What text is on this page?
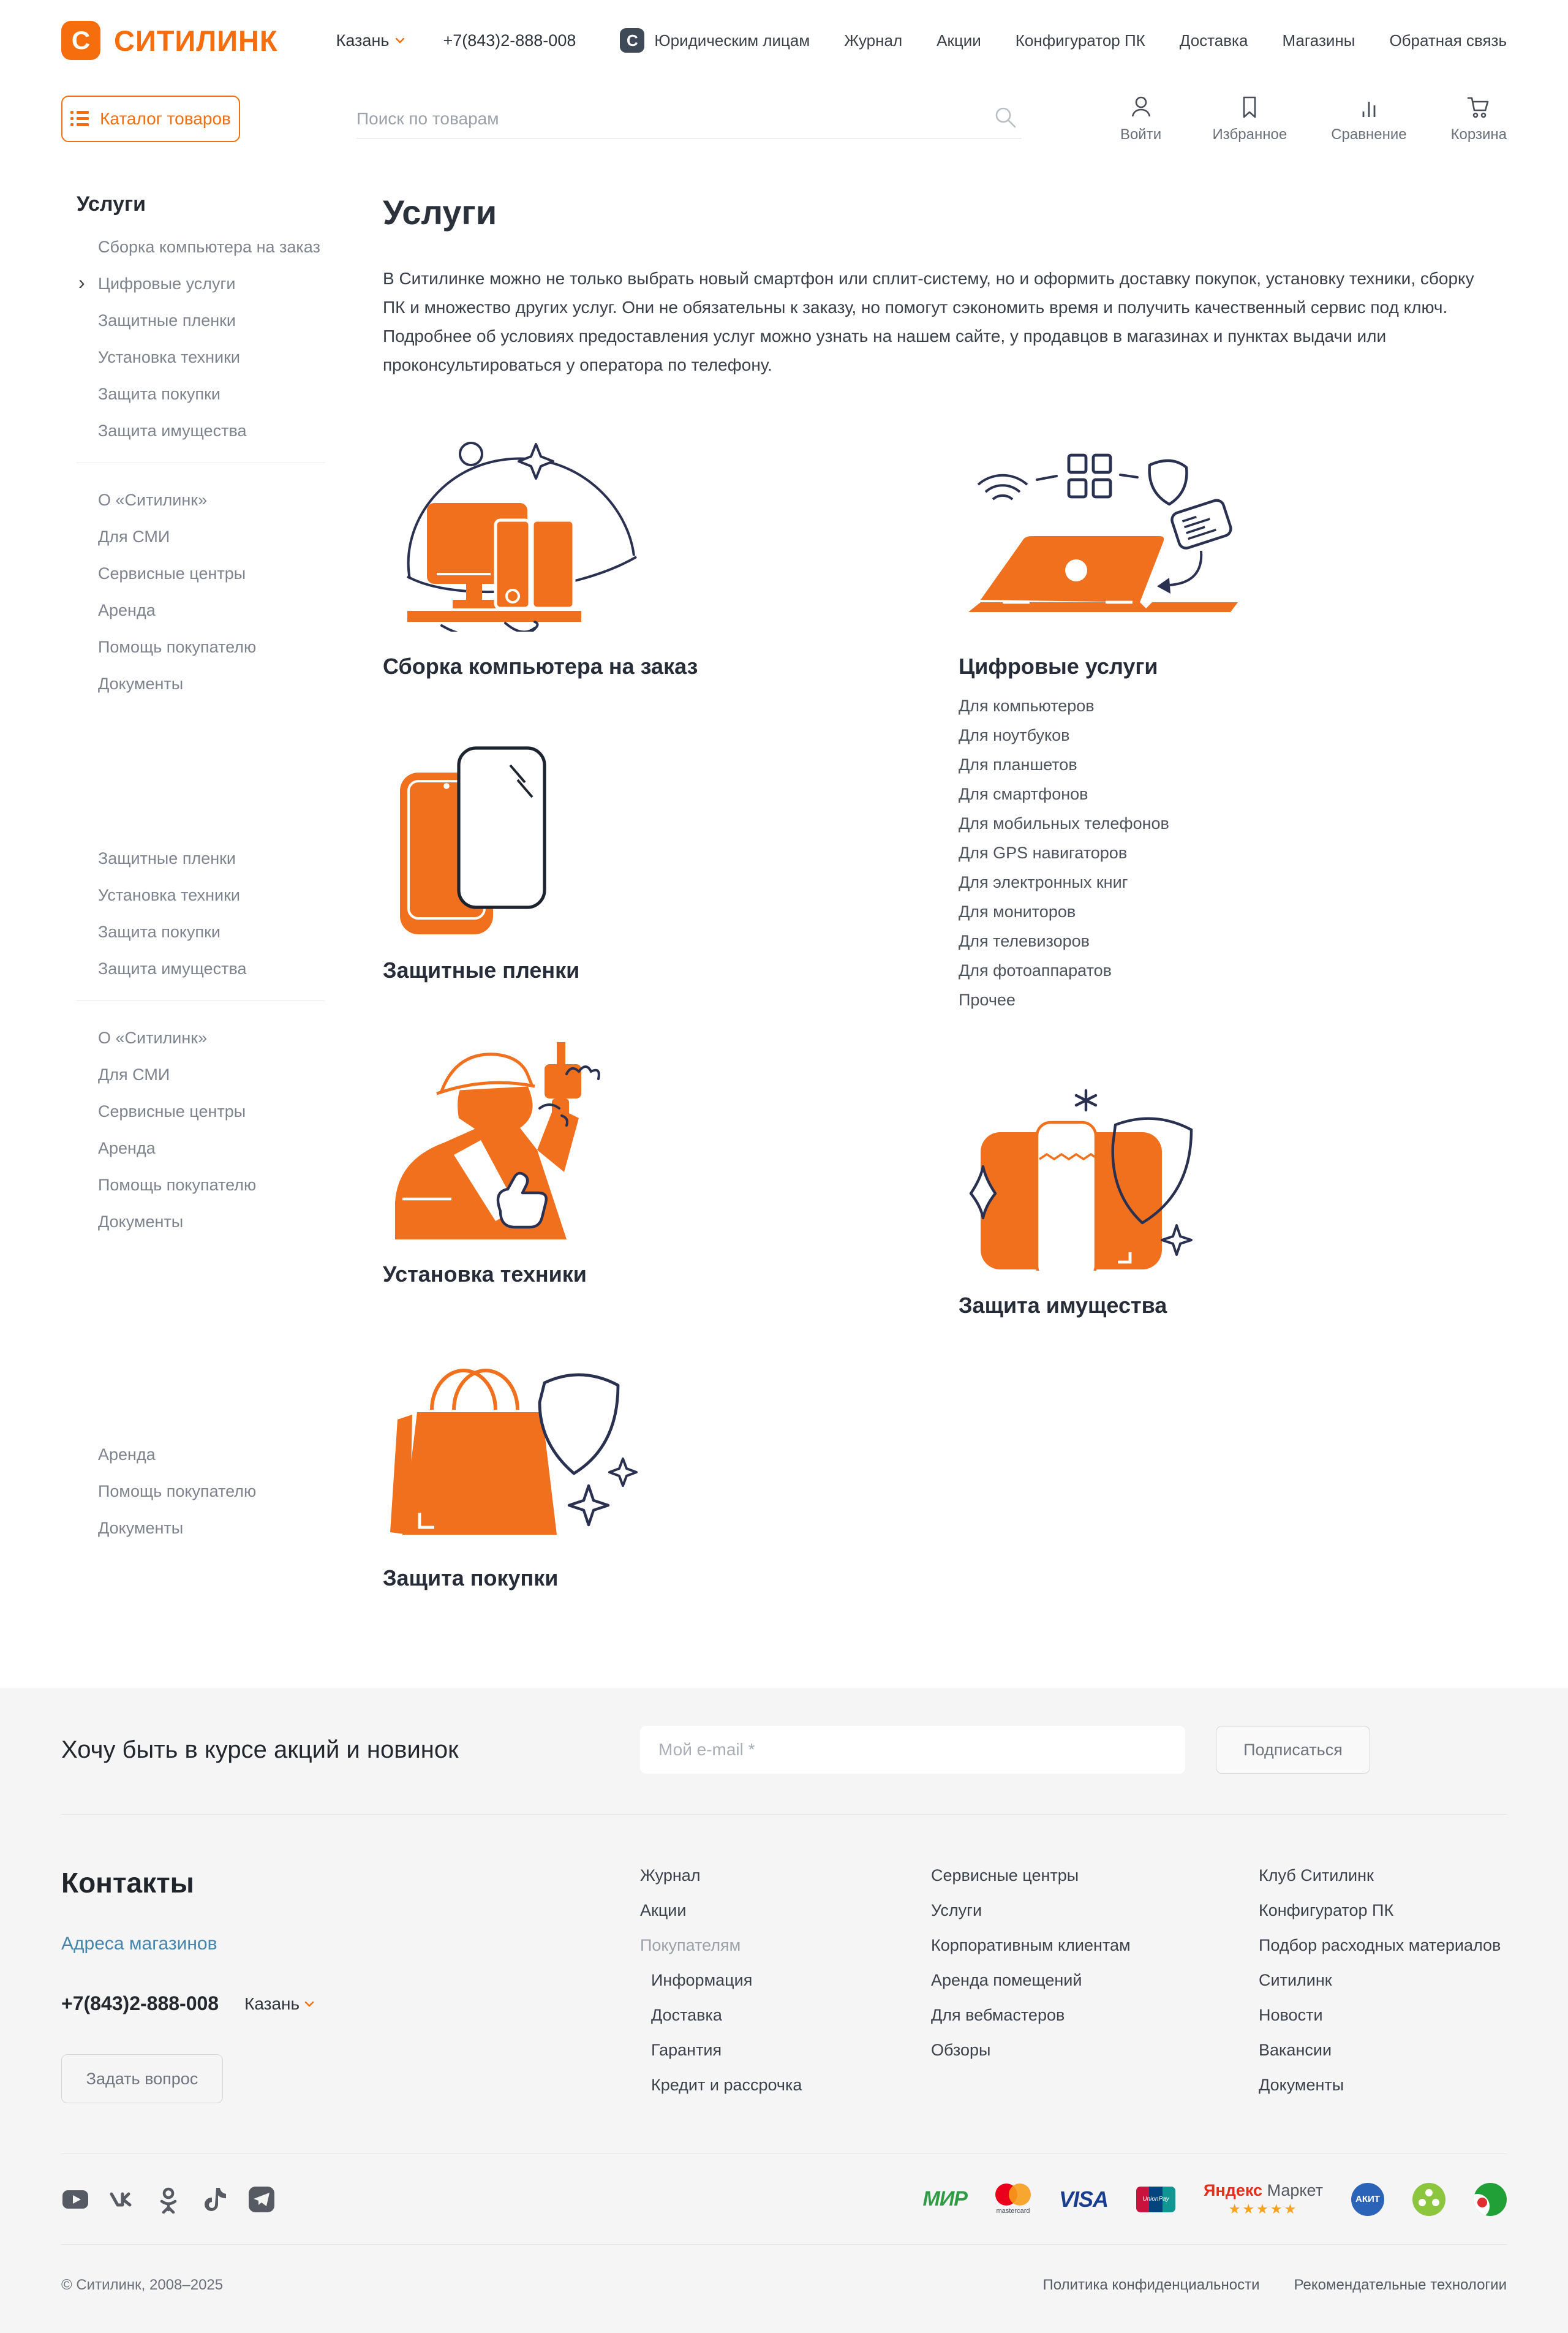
C СИТИЛИНК	Казань	+7(843)2-888-008	C Юридическим лицам Журнал Акции Конфигуратор ПК Доставка Магазины Обратная связь
Каталог товаров
Поиск по товарам
Войти	Избранное	Сравнение	Корзина
Услуги
Сборка компьютера на заказ
› Цифровые услуги
Защитные пленки
Установка техники
Защита покупки
Защита имущества
О «Ситилинк»
Для СМИ
Сервисные центры
Аренда
Помощь покупателю
Документы
Защитные пленки
Установка техники
Защита покупки
Защита имущества
О «Ситилинк»
Для СМИ
Сервисные центры
Аренда
Помощь покупателю
Документы
Аренда
Помощь покупателю
Документы
Услуги

В Ситилинке можно не только выбрать новый смартфон или сплит-систему, но и оформить доставку покупок, установку техники, сборку ПК и множество других услуг. Они не обязательны к заказу, но помогут сэкономить время и получить качественный сервис под ключ. Подробнее об условиях предоставления услуг можно узнать на нашем сайте, у продавцов в магазинах и пунктах выдачи или проконсультироваться у оператора по телефону.

Сборка компьютера на заказ
Защитные пленки
Установка техники
Защита покупки
Цифровые услуги
Для компьютеров
Для ноутбуков
Для планшетов
Для смартфонов
Для мобильных телефонов
Для GPS навигаторов
Для электронных книг
Для мониторов
Для телевизоров
Для фотоаппаратов
Прочее
Защита имущества
Хочу быть в курсе акций и новинок
Мой e-mail *	Подписаться
Контакты
Адреса магазинов
+7(843)2-888-008 Казань
Задать вопрос
Журнал
Акции
Покупателям
Информация
Доставка
Гарантия
Кредит и рассрочка
Сервисные центры
Услуги
Корпоративным клиентам
Аренда помещений
Для вебмастеров
Обзоры
Клуб Ситилинк
Конфигуратор ПК
Подбор расходных материалов
Ситилинк
Новости
Вакансии
Документы
МИР
mastercard VISA	UnionPay Яндекс Маркет
★★★★★
АКИТ
© Ситилинк, 2008–2025	Политика конфиденциальности Рекомендательные технологии
